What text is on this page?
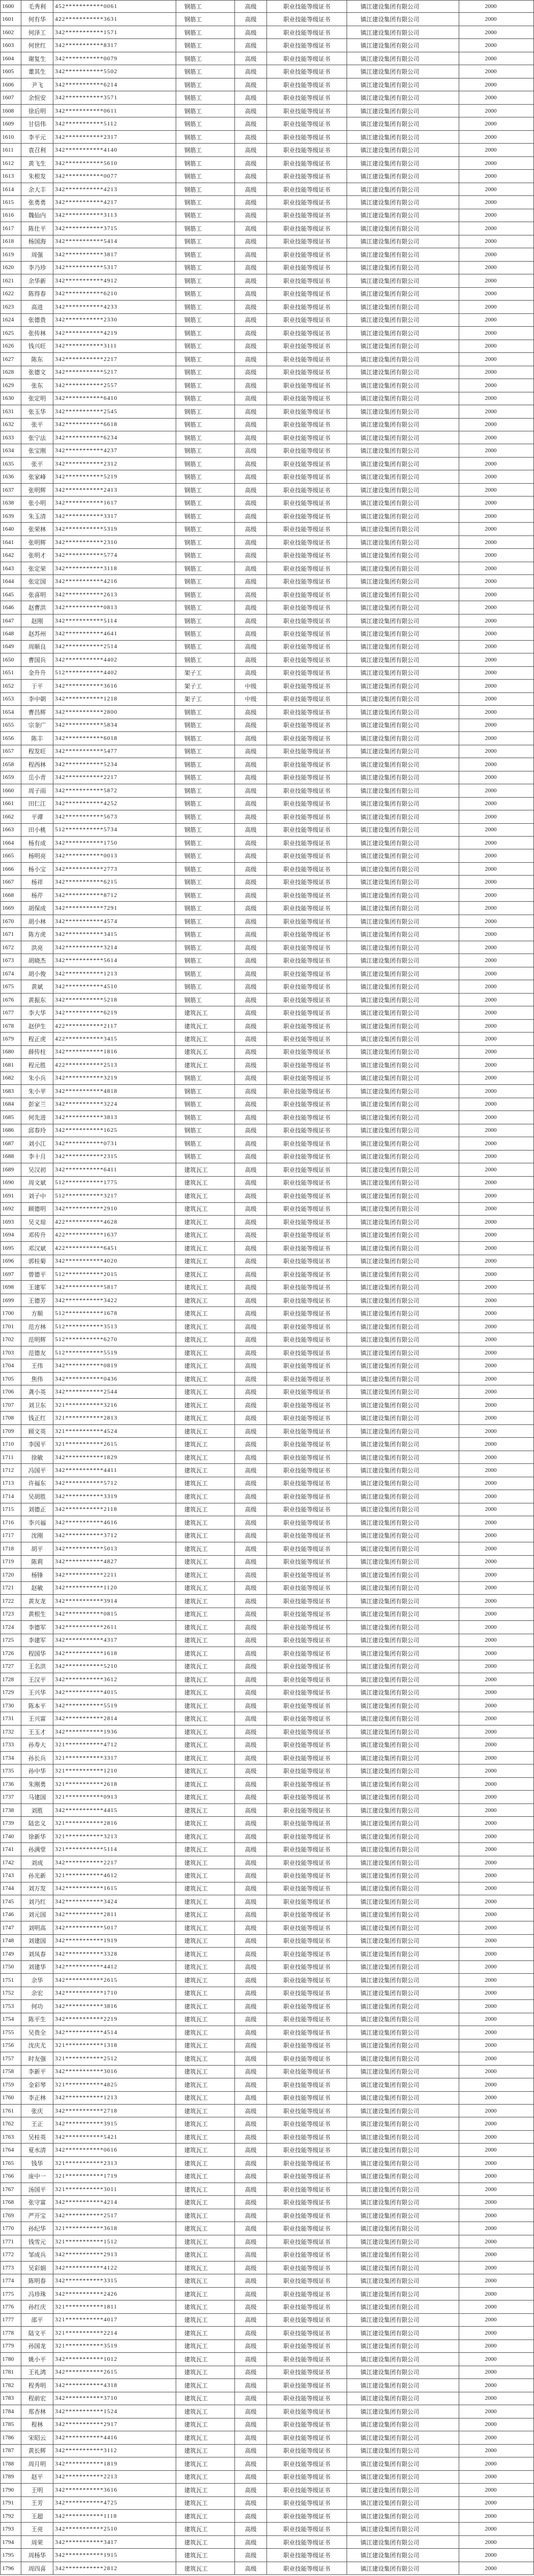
1600	毛秀利	452***********0061	钢筋工	高级	职业技能等级证书	镇江建设集团有限公司	2000
1601	何有华	422***********3631	钢筋工	高级	职业技能等级证书	镇江建设集团有限公司	2000
1602	何泽工	342***********1571	钢筋工	高级	职业技能等级证书	镇江建设集团有限公司	2000
1603	何世红	342***********8317	钢筋工	高级	职业技能等级证书	镇江建设集团有限公司	2000
1604	谢复生	342***********0079	钢筋工	高级	职业技能等级证书	镇江建设集团有限公司	2000
1605	董其生	342***********5502	钢筋工	高级	职业技能等级证书	镇江建设集团有限公司	2000
1606	尹飞	342***********6214	钢筋工	高级	职业技能等级证书	镇江建设集团有限公司	2000
1607	余恒安	342***********3571	钢筋工	高级	职业技能等级证书	镇江建设集团有限公司	2000
1608	徐后明	342***********0611	钢筋工	高级	职业技能等级证书	镇江建设集团有限公司	2000
1609	甘信伟	342***********5112	钢筋工	高级	职业技能等级证书	镇江建设集团有限公司	2000
1610	李平元	342***********2317	钢筋工	高级	职业技能等级证书	镇江建设集团有限公司	2000
1611	袁召利	342***********4140	钢筋工	高级	职业技能等级证书	镇江建设集团有限公司	2000
1612	黄飞生	342***********5610	钢筋工	高级	职业技能等级证书	镇江建设集团有限公司	2000
1613	朱根发	342***********0077	钢筋工	高级	职业技能等级证书	镇江建设集团有限公司	2000
1614	余大丰	342***********4213	钢筋工	高级	职业技能等级证书	镇江建设集团有限公司	2000
1615	张勇勇	342***********4217	钢筋工	高级	职业技能等级证书	镇江建设集团有限公司	2000
1616	魏仙内	342***********3113	钢筋工	高级	职业技能等级证书	镇江建设集团有限公司	2000
1617	陈仕平	342***********3715	钢筋工	高级	职业技能等级证书	镇江建设集团有限公司	2000
1618	杨国海	342***********5414	钢筋工	高级	职业技能等级证书	镇江建设集团有限公司	2000
1619	周强	342***********3817	钢筋工	高级	职业技能等级证书	镇江建设集团有限公司	2000
1620	李乃珍	342***********5317	钢筋工	高级	职业技能等级证书	镇江建设集团有限公司	2000
1621	余华新	342***********4912	钢筋工	高级	职业技能等级证书	镇江建设集团有限公司	2000
1622	陈得春	342***********6210	钢筋工	高级	职业技能等级证书	镇江建设集团有限公司	2000
1623	高进	342***********4233	钢筋工	高级	职业技能等级证书	镇江建设集团有限公司	2000
1624	张德贵	342***********2330	钢筋工	高级	职业技能等级证书	镇江建设集团有限公司	2000
1625	张传林	342***********4219	钢筋工	高级	职业技能等级证书	镇江建设集团有限公司	2000
1626	钱兴旺	342***********3111	钢筋工	高级	职业技能等级证书	镇江建设集团有限公司	2000
1627	陈东	342***********2217	钢筋工	高级	职业技能等级证书	镇江建设集团有限公司	2000
1628	张德文	342***********5217	钢筋工	高级	职业技能等级证书	镇江建设集团有限公司	2000
1629	张东	342***********2557	钢筋工	高级	职业技能等级证书	镇江建设集团有限公司	2000
1630	张定明	342***********6410	钢筋工	高级	职业技能等级证书	镇江建设集团有限公司	2000
1631	张玉华	342***********2545	钢筋工	高级	职业技能等级证书	镇江建设集团有限公司	2000
1632	张平	342***********6618	钢筋工	高级	职业技能等级证书	镇江建设集团有限公司	2000
1633	张宁法	342***********6234	钢筋工	高级	职业技能等级证书	镇江建设集团有限公司	2000
1634	张宝刚	342***********4237	钢筋工	高级	职业技能等级证书	镇江建设集团有限公司	2000
1635	张平	342***********2312	钢筋工	高级	职业技能等级证书	镇江建设集团有限公司	2000
1636	张家峰	342***********5219	钢筋工	高级	职业技能等级证书	镇江建设集团有限公司	2000
1637	张明辉	342***********2413	钢筋工	高级	职业技能等级证书	镇江建设集团有限公司	2000
1638	张小明	342***********1617	钢筋工	高级	职业技能等级证书	镇江建设集团有限公司	2000
1639	朱玉清	342***********3317	钢筋工	高级	职业技能等级证书	镇江建设集团有限公司	2000
1640	张荣林	342***********5319	钢筋工	高级	职业技能等级证书	镇江建设集团有限公司	2000
1641	张明辉	342***********2310	钢筋工	高级	职业技能等级证书	镇江建设集团有限公司	2000
1642	张明才	342***********5774	钢筋工	高级	职业技能等级证书	镇江建设集团有限公司	2000
1643	张定荣	342***********3118	钢筋工	高级	职业技能等级证书	镇江建设集团有限公司	2000
1644	张定国	342***********4216	钢筋工	高级	职业技能等级证书	镇江建设集团有限公司	2000
1645	张喜明	342***********2613	钢筋工	高级	职业技能等级证书	镇江建设集团有限公司	2000
1646	赵曹洪	342***********0813	钢筋工	高级	职业技能等级证书	镇江建设集团有限公司	2000
1647	赵刚	342***********5114	钢筋工	高级	职业技能等级证书	镇江建设集团有限公司	2000
1648	赵苏州	342***********4641	钢筋工	高级	职业技能等级证书	镇江建设集团有限公司	2000
1649	周顺良	342***********2514	钢筋工	高级	职业技能等级证书	镇江建设集团有限公司	2000
1650	曹国兵	342***********4402	钢筋工	高级	职业技能等级证书	镇江建设集团有限公司	2000
1651	金升升	512***********4402	架子工	高级	职业技能等级证书	镇江建设集团有限公司	2000
1652	于平	342***********3616	架子工	中级	职业技能等级证书	镇江建设集团有限公司	2000
1653	李中朝	342***********1218	架子工	中级	职业技能等级证书	镇江建设集团有限公司	2000
1654	曹昌辉	342***********2800	钢筋工	高级	职业技能等级证书	镇江建设集团有限公司	2000
1655	宗奎广	342***********5834	钢筋工	高级	职业技能等级证书	镇江建设集团有限公司	2000
1656	陈丰	342***********6018	钢筋工	高级	职业技能等级证书	镇江建设集团有限公司	2000
1657	程发旺	342***********5477	钢筋工	高级	职业技能等级证书	镇江建设集团有限公司	2000
1658	程西林	342***********5234	钢筋工	高级	职业技能等级证书	镇江建设集团有限公司	2000
1659	岳小青	342***********2217	钢筋工	高级	职业技能等级证书	镇江建设集团有限公司	2000
1660	周子雨	342***********5872	钢筋工	高级	职业技能等级证书	镇江建设集团有限公司	2000
1661	田仁江	342***********4252	钢筋工	高级	职业技能等级证书	镇江建设集团有限公司	2000
1662	平谭	342***********5673	钢筋工	高级	职业技能等级证书	镇江建设集团有限公司	2000
1663	田小桃	512***********5734	钢筋工	高级	职业技能等级证书	镇江建设集团有限公司	2000
1664	杨有成	342***********1750	钢筋工	高级	职业技能等级证书	镇江建设集团有限公司	2000
1665	杨明亮	342***********0013	钢筋工	高级	职业技能等级证书	镇江建设集团有限公司	2000
1666	杨小宝	342***********2773	钢筋工	高级	职业技能等级证书	镇江建设集团有限公司	2000
1667	杨祥	342***********6215	钢筋工	高级	职业技能等级证书	镇江建设集团有限公司	2000
1668	杨芹	342***********8712	钢筋工	高级	职业技能等级证书	镇江建设集团有限公司	2000
1669	胡保成	342***********7291	钢筋工	高级	职业技能等级证书	镇江建设集团有限公司	2000
1670	胡小林	342***********4574	钢筋工	高级	职业技能等级证书	镇江建设集团有限公司	2000
1671	陈方虎	342***********3415	钢筋工	高级	职业技能等级证书	镇江建设集团有限公司	2000
1672	洪亮	342***********3214	钢筋工	高级	职业技能等级证书	镇江建设集团有限公司	2000
1673	胡晓杰	342***********5614	钢筋工	高级	职业技能等级证书	镇江建设集团有限公司	2000
1674	胡小俊	342***********1213	钢筋工	高级	职业技能等级证书	镇江建设集团有限公司	2000
1675	黄斌	342***********4510	钢筋工	高级	职业技能等级证书	镇江建设集团有限公司	2000
1676	黄振东	342***********5218	钢筋工	高级	职业技能等级证书	镇江建设集团有限公司	2000
1677	李大华	342***********6219	建筑瓦工	高级	职业技能等级证书	镇江建设集团有限公司	2000
1678	赵伊生	422***********2117	建筑瓦工	高级	职业技能等级证书	镇江建设集团有限公司	2000
1679	程正虎	422***********3415	建筑瓦工	高级	职业技能等级证书	镇江建设集团有限公司	2000
1680	薛传柱	342***********1816	建筑瓦工	高级	职业技能等级证书	镇江建设集团有限公司	2000
1681	程元胜	422***********2513	建筑瓦工	高级	职业技能等级证书	镇江建设集团有限公司	2000
1682	朱小兵	342***********3219	钢筋工	高级	职业技能等级证书	镇江建设集团有限公司	2000
1683	朱小苹	342***********4818	钢筋工	高级	职业技能等级证书	镇江建设集团有限公司	2000
1684	彭家兰	342***********3224	钢筋工	高级	职业技能等级证书	镇江建设集团有限公司	2000
1685	何先进	342***********3813	钢筋工	高级	职业技能等级证书	镇江建设集团有限公司	2000
1686	邱春玲	342***********1625	钢筋工	高级	职业技能等级证书	镇江建设集团有限公司	2000
1687	刘小江	342***********0731	钢筋工	高级	职业技能等级证书	镇江建设集团有限公司	2000
1688	李十月	342***********2315	钢筋工	高级	职业技能等级证书	镇江建设集团有限公司	2000
1689	吴汉初	342***********6411	建筑瓦工	高级	职业技能等级证书	镇江建设集团有限公司	2000
1690	周文斌	512***********1775	建筑瓦工	高级	职业技能等级证书	镇江建设集团有限公司	2000
1691	刘子中	512***********3217	建筑瓦工	高级	职业技能等级证书	镇江建设集团有限公司	2000
1692	顾德明	342***********2910	建筑瓦工	高级	职业技能等级证书	镇江建设集团有限公司	2000
1693	吴义琼	422***********4628	建筑瓦工	高级	职业技能等级证书	镇江建设集团有限公司	2000
1694	邓传升	422***********1637	建筑瓦工	高级	职业技能等级证书	镇江建设集团有限公司	2000
1695	邓汉斌	422***********6451	建筑瓦工	高级	职业技能等级证书	镇江建设集团有限公司	2000
1696	郭桂菊	342***********4020	建筑瓦工	高级	职业技能等级证书	镇江建设集团有限公司	2000
1697	曾德平	512***********2015	建筑瓦工	高级	职业技能等级证书	镇江建设集团有限公司	2000
1698	王建军	342***********5817	建筑瓦工	高级	职业技能等级证书	镇江建设集团有限公司	2000
1699	王德芳	342***********3422	建筑瓦工	高级	职业技能等级证书	镇江建设集团有限公司	2000
1700	方顺	512***********1678	建筑瓦工	高级	职业技能等级证书	镇江建设集团有限公司	2000
1701	范方林	512***********3513	建筑瓦工	高级	职业技能等级证书	镇江建设集团有限公司	2000
1702	范明辉	512***********6270	建筑瓦工	高级	职业技能等级证书	镇江建设集团有限公司	2000
1703	范德友	512***********5519	建筑瓦工	高级	职业技能等级证书	镇江建设集团有限公司	2000
1704	王伟	342***********0819	建筑瓦工	高级	职业技能等级证书	镇江建设集团有限公司	2000
1705	焦伟	342***********0436	建筑瓦工	高级	职业技能等级证书	镇江建设集团有限公司	2000
1706	龚小英	342***********2544	建筑瓦工	高级	职业技能等级证书	镇江建设集团有限公司	2000
1707	刘卫东	321***********3216	建筑瓦工	高级	职业技能等级证书	镇江建设集团有限公司	2000
1708	钱正红	321***********2813	建筑瓦工	高级	职业技能等级证书	镇江建设集团有限公司	2000
1709	顾文英	321***********4524	建筑瓦工	高级	职业技能等级证书	镇江建设集团有限公司	2000
1710	李国平	321***********2615	建筑瓦工	高级	职业技能等级证书	镇江建设集团有限公司	2000
1711	徐敏	342***********1829	建筑瓦工	高级	职业技能等级证书	镇江建设集团有限公司	2000
1712	冯国平	342***********4411	建筑瓦工	高级	职业技能等级证书	镇江建设集团有限公司	2000
1713	许福东	342***********5712	建筑瓦工	高级	职业技能等级证书	镇江建设集团有限公司	2000
1714	吴胡胜	342***********3319	建筑瓦工	高级	职业技能等级证书	镇江建设集团有限公司	2000
1715	刘德正	342***********2118	建筑瓦工	高级	职业技能等级证书	镇江建设集团有限公司	2000
1716	李兴福	342***********4616	建筑瓦工	高级	职业技能等级证书	镇江建设集团有限公司	2000
1717	沈刚	342***********3712	建筑瓦工	高级	职业技能等级证书	镇江建设集团有限公司	2000
1718	胡平	342***********5013	建筑瓦工	高级	职业技能等级证书	镇江建设集团有限公司	2000
1719	陈莉	342***********4827	建筑瓦工	高级	职业技能等级证书	镇江建设集团有限公司	2000
1720	杨锋	342***********2211	建筑瓦工	高级	职业技能等级证书	镇江建设集团有限公司	2000
1721	赵敏	342***********1120	建筑瓦工	高级	职业技能等级证书	镇江建设集团有限公司	2000
1722	黄友龙	342***********3914	建筑瓦工	高级	职业技能等级证书	镇江建设集团有限公司	2000
1723	黄根生	342***********0815	建筑瓦工	高级	职业技能等级证书	镇江建设集团有限公司	2000
1724	李德军	342***********2611	建筑瓦工	高级	职业技能等级证书	镇江建设集团有限公司	2000
1725	李建军	342***********4317	建筑瓦工	高级	职业技能等级证书	镇江建设集团有限公司	2000
1726	程国华	342***********1618	建筑瓦工	高级	职业技能等级证书	镇江建设集团有限公司	2000
1727	王名洪	342***********5210	建筑瓦工	高级	职业技能等级证书	镇江建设集团有限公司	2000
1728	王汉平	342***********3612	建筑瓦工	高级	职业技能等级证书	镇江建设集团有限公司	2000
1729	王兴华	342***********4015	建筑瓦工	高级	职业技能等级证书	镇江建设集团有限公司	2000
1730	陈本平	342***********5519	建筑瓦工	高级	职业技能等级证书	镇江建设集团有限公司	2000
1731	王兴富	342***********2814	建筑瓦工	高级	职业技能等级证书	镇江建设集团有限公司	2000
1732	王玉才	342***********1936	建筑瓦工	高级	职业技能等级证书	镇江建设集团有限公司	2000
1733	孙寿大	321***********4712	建筑瓦工	高级	职业技能等级证书	镇江建设集团有限公司	2000
1734	孙长兵	321***********3317	建筑瓦工	高级	职业技能等级证书	镇江建设集团有限公司	2000
1735	孙中华	321***********1210	建筑瓦工	高级	职业技能等级证书	镇江建设集团有限公司	2000
1736	朱刚勇	321***********2618	建筑瓦工	高级	职业技能等级证书	镇江建设集团有限公司	2000
1737	马建国	321***********0913	建筑瓦工	高级	职业技能等级证书	镇江建设集团有限公司	2000
1738	刘胜	342***********4415	建筑瓦工	高级	职业技能等级证书	镇江建设集团有限公司	2000
1739	陆忠义	321***********2816	建筑瓦工	高级	职业技能等级证书	镇江建设集团有限公司	2000
1740	徐新华	321***********3213	建筑瓦工	高级	职业技能等级证书	镇江建设集团有限公司	2000
1741	孙满堂	321***********5114	建筑瓦工	高级	职业技能等级证书	镇江建设集团有限公司	2000
1742	刘成	342***********2217	建筑瓦工	高级	职业技能等级证书	镇江建设集团有限公司	2000
1743	孙光新	321***********4612	建筑瓦工	高级	职业技能等级证书	镇江建设集团有限公司	2000
1744	刘万发	342***********1615	建筑瓦工	高级	职业技能等级证书	镇江建设集团有限公司	2000
1745	刘乃红	342***********3424	建筑瓦工	高级	职业技能等级证书	镇江建设集团有限公司	2000
1746	刘元国	342***********2811	建筑瓦工	高级	职业技能等级证书	镇江建设集团有限公司	2000
1747	刘明高	342***********5017	建筑瓦工	高级	职业技能等级证书	镇江建设集团有限公司	2000
1748	刘建国	342***********1919	建筑瓦工	高级	职业技能等级证书	镇江建设集团有限公司	2000
1749	刘凤春	342***********3328	建筑瓦工	高级	职业技能等级证书	镇江建设集团有限公司	2000
1750	刘建华	342***********4412	建筑瓦工	高级	职业技能等级证书	镇江建设集团有限公司	2000
1751	余华	342***********2615	建筑瓦工	高级	职业技能等级证书	镇江建设集团有限公司	2000
1752	余宏	342***********1710	建筑瓦工	高级	职业技能等级证书	镇江建设集团有限公司	2000
1753	何功	342***********3816	建筑瓦工	高级	职业技能等级证书	镇江建设集团有限公司	2000
1754	陈平生	342***********2219	建筑瓦工	高级	职业技能等级证书	镇江建设集团有限公司	2000
1755	吴贵全	342***********4514	建筑瓦工	高级	职业技能等级证书	镇江建设集团有限公司	2000
1756	沈庆尤	321***********1318	建筑瓦工	高级	职业技能等级证书	镇江建设集团有限公司	2000
1757	时友强	321***********2512	建筑瓦工	高级	职业技能等级证书	镇江建设集团有限公司	2000
1758	李新平	342***********3016	建筑瓦工	高级	职业技能等级证书	镇江建设集团有限公司	2000
1759	金彩琴	321***********4825	建筑瓦工	高级	职业技能等级证书	镇江建设集团有限公司	2000
1760	李正林	342***********1213	建筑瓦工	高级	职业技能等级证书	镇江建设集团有限公司	2000
1761	张庆	342***********2718	建筑瓦工	高级	职业技能等级证书	镇江建设集团有限公司	2000
1762	王正	342***********3915	建筑瓦工	高级	职业技能等级证书	镇江建设集团有限公司	2000
1763	吴桂英	342***********5421	建筑瓦工	高级	职业技能等级证书	镇江建设集团有限公司	2000
1764	夏水清	342***********0616	建筑瓦工	高级	职业技能等级证书	镇江建设集团有限公司	2000
1765	钱华	321***********2313	建筑瓦工	高级	职业技能等级证书	镇江建设集团有限公司	2000
1766	庞中一	321***********1719	建筑瓦工	高级	职业技能等级证书	镇江建设集团有限公司	2000
1767	汤国平	321***********3011	建筑瓦工	高级	职业技能等级证书	镇江建设集团有限公司	2000
1768	张守富	342***********4214	建筑瓦工	高级	职业技能等级证书	镇江建设集团有限公司	2000
1769	严开宝	342***********2517	建筑瓦工	高级	职业技能等级证书	镇江建设集团有限公司	2000
1770	孙纪华	321***********3618	建筑瓦工	高级	职业技能等级证书	镇江建设集团有限公司	2000
1771	钱雪元	321***********1512	建筑瓦工	高级	职业技能等级证书	镇江建设集团有限公司	2000
1772	邹成兵	342***********2913	建筑瓦工	高级	职业技能等级证书	镇江建设集团有限公司	2000
1773	吴彩娟	342***********4122	建筑瓦工	高级	职业技能等级证书	镇江建设集团有限公司	2000
1774	陈明春	342***********3315	建筑瓦工	高级	职业技能等级证书	镇江建设集团有限公司	2000
1775	冯珍珠	342***********2426	建筑瓦工	高级	职业技能等级证书	镇江建设集团有限公司	2000
1776	孙红庆	321***********1811	建筑瓦工	高级	职业技能等级证书	镇江建设集团有限公司	2000
1777	邵平	321***********4017	建筑瓦工	高级	职业技能等级证书	镇江建设集团有限公司	2000
1778	陆文平	321***********2214	建筑瓦工	高级	职业技能等级证书	镇江建设集团有限公司	2000
1779	孙国龙	321***********3519	建筑瓦工	高级	职业技能等级证书	镇江建设集团有限公司	2000
1780	姚小平	342***********1012	建筑瓦工	高级	职业技能等级证书	镇江建设集团有限公司	2000
1781	王礼鸿	342***********2615	建筑瓦工	高级	职业技能等级证书	镇江建设集团有限公司	2000
1782	程秀明	342***********4318	建筑瓦工	高级	职业技能等级证书	镇江建设集团有限公司	2000
1783	程前宏	342***********3710	建筑瓦工	高级	职业技能等级证书	镇江建设集团有限公司	2000
1784	郑杏林	342***********1524	建筑瓦工	高级	职业技能等级证书	镇江建设集团有限公司	2000
1785	程林	342***********2917	建筑瓦工	高级	职业技能等级证书	镇江建设集团有限公司	2000
1786	宋昭云	342***********4416	建筑瓦工	高级	职业技能等级证书	镇江建设集团有限公司	2000
1787	黄长辉	342***********3112	建筑瓦工	高级	职业技能等级证书	镇江建设集团有限公司	2000
1788	周月明	342***********1819	建筑瓦工	高级	职业技能等级证书	镇江建设集团有限公司	2000
1789	赵平	342***********2213	建筑瓦工	高级	职业技能等级证书	镇江建设集团有限公司	2000
1790	王明	342***********3616	建筑瓦工	高级	职业技能等级证书	镇江建设集团有限公司	2000
1791	王芳	342***********4725	建筑瓦工	高级	职业技能等级证书	镇江建设集团有限公司	2000
1792	王超	342***********1118	建筑瓦工	高级	职业技能等级证书	镇江建设集团有限公司	2000
1793	王亮	342***********2510	建筑瓦工	高级	职业技能等级证书	镇江建设集团有限公司	2000
1794	周荣	342***********3417	建筑瓦工	高级	职业技能等级证书	镇江建设集团有限公司	2000
1795	周杨华	342***********1915	建筑瓦工	高级	职业技能等级证书	镇江建设集团有限公司	2000
1796	周四喜	342***********2812	建筑瓦工	高级	职业技能等级证书	镇江建设集团有限公司	2000
